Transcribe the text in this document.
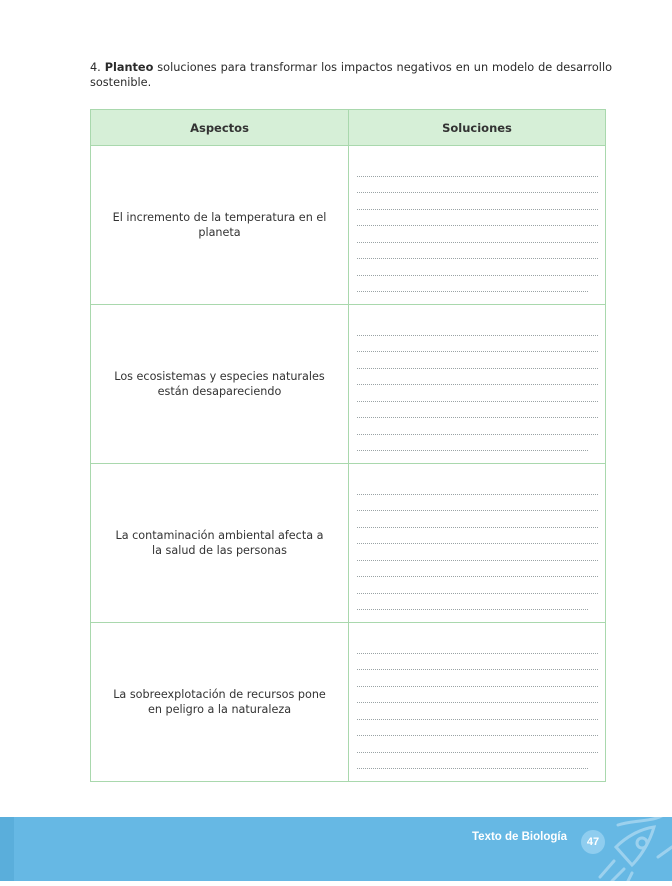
4. Planteo soluciones para transformar los impactos negativos en un modelo de desarrollo sostenible.

Aspectos	Soluciones
El incremento de la temperatura en el planeta	

Los ecosistemas y especies naturales están desapareciendo	

La contaminación ambiental afecta a la salud de las personas	

La sobreexplotación de recursos pone en peligro a la naturaleza	
Texto de Biología	47
